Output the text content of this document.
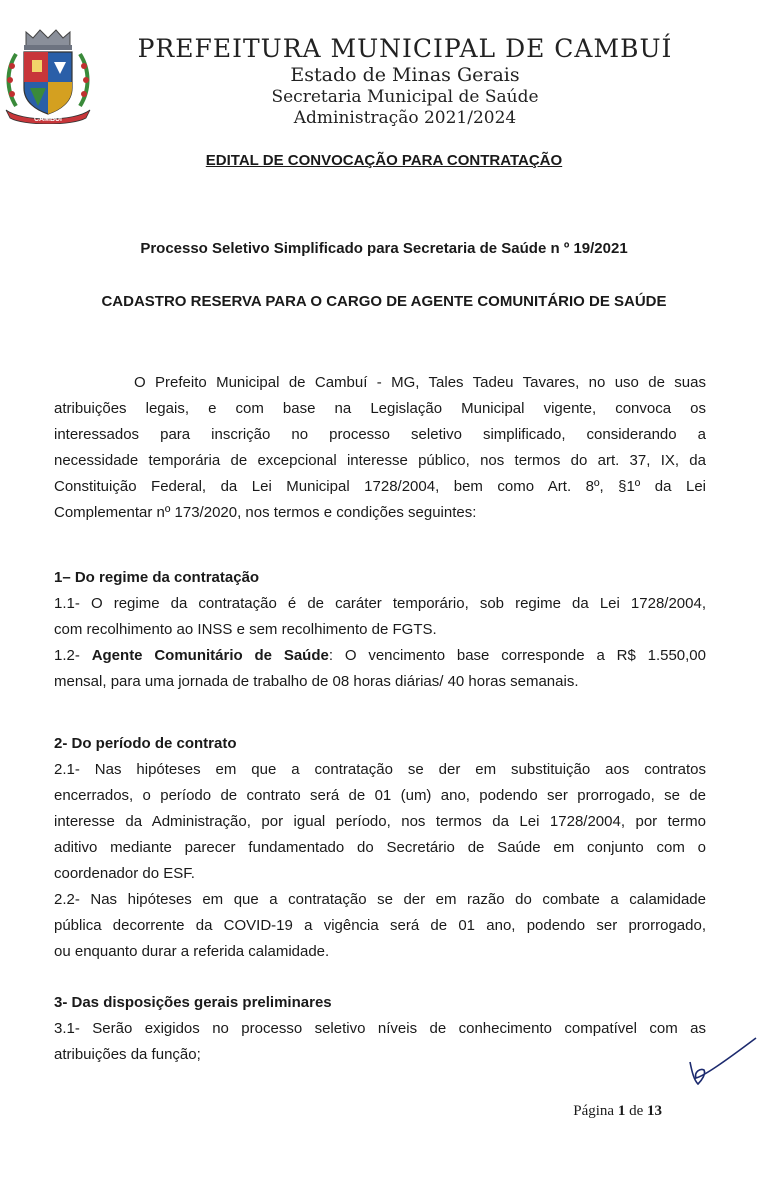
CAMBUÍ
PREFEITURA MUNICIPAL DE CAMBUÍ
Estado de Minas Gerais
Secretaria Municipal de Saúde
Administração 2021/2024
EDITAL DE CONVOCAÇÃO PARA CONTRATAÇÃO
Processo Seletivo Simplificado para Secretaria de Saúde n º 19/2021
CADASTRO RESERVA PARA O CARGO DE AGENTE COMUNITÁRIO DE SAÚDE
O Prefeito Municipal de Cambuí - MG, Tales Tadeu Tavares, no uso de suas
atribuições legais, e com base na Legislação Municipal vigente, convoca os
interessados para inscrição no processo seletivo simplificado, considerando a
necessidade temporária de excepcional interesse público, nos termos do art. 37, IX, da
Constituição Federal, da Lei Municipal 1728/2004, bem como Art. 8º, §1º da Lei
Complementar nº 173/2020, nos termos e condições seguintes:
1– Do regime da contratação
1.1- O regime da contratação é de caráter temporário, sob regime da Lei 1728/2004,
com recolhimento ao INSS e sem recolhimento de FGTS.
1.2- Agente Comunitário de Saúde: O vencimento base corresponde a R$ 1.550,00
mensal, para uma jornada de trabalho de 08 horas diárias/ 40 horas semanais.
2- Do período de contrato
2.1- Nas hipóteses em que a contratação se der em substituição aos contratos
encerrados, o período de contrato será de 01 (um) ano, podendo ser prorrogado, se de
interesse da Administração, por igual período, nos termos da Lei 1728/2004, por termo
aditivo mediante parecer fundamentado do Secretário de Saúde em conjunto com o
coordenador do ESF.
2.2- Nas hipóteses em que a contratação se der em razão do combate a calamidade
pública decorrente da COVID-19 a vigência será de 01 ano, podendo ser prorrogado,
ou enquanto durar a referida calamidade.
3- Das disposições gerais preliminares
3.1- Serão exigidos no processo seletivo níveis de conhecimento compatível com as
atribuições da função;
Página 1 de 13
